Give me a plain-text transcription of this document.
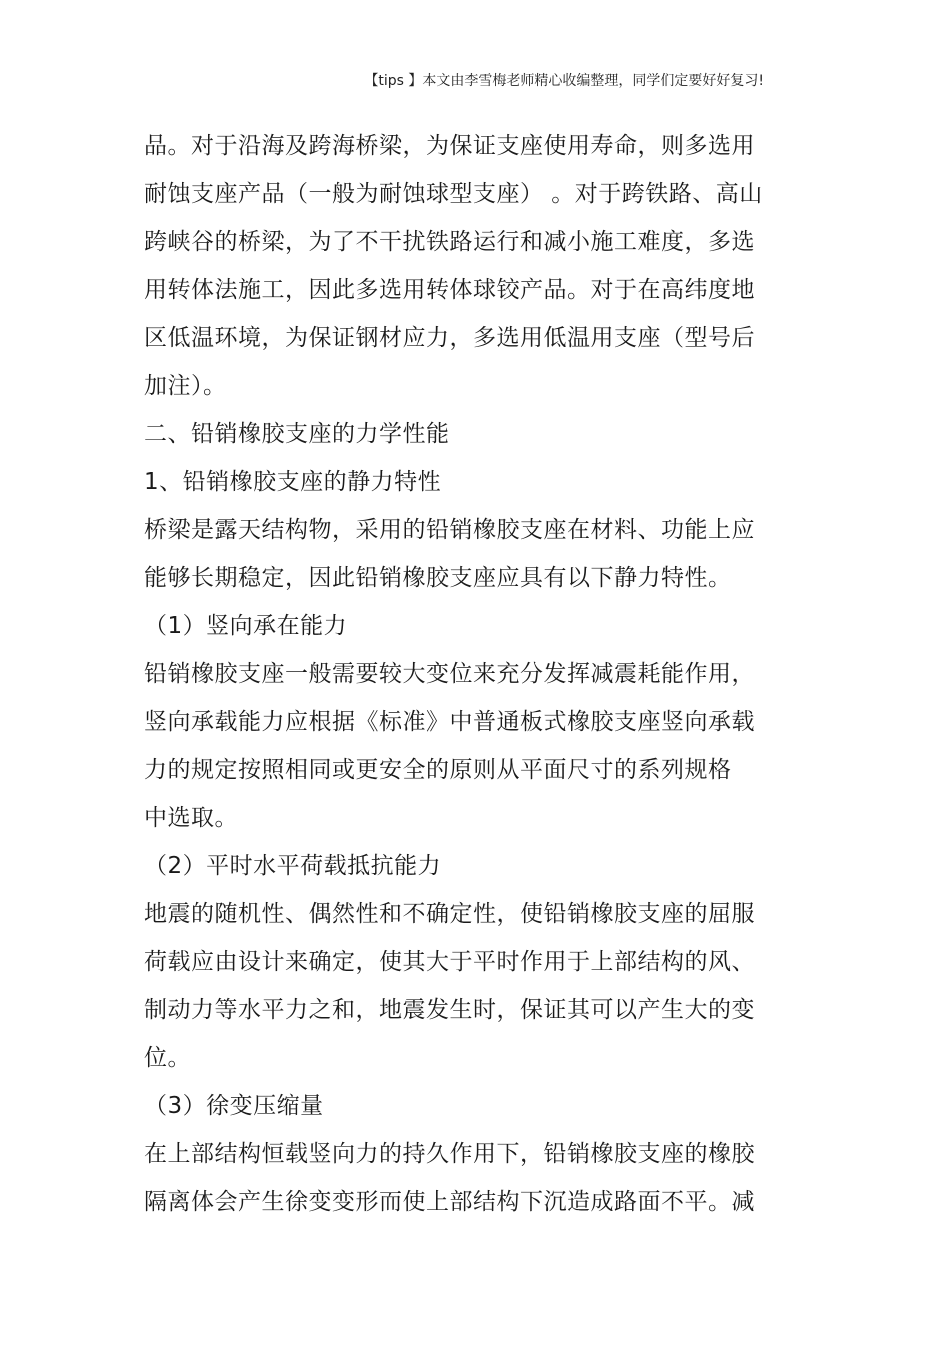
【tips 】本文由李雪梅老师精心收编整理，同学们定要好好复习!
品。对于沿海及跨海桥梁，为保证支座使用寿命，则多选用
耐蚀支座产品（一般为耐蚀球型支座） 。对于跨铁路、高山
跨峡谷的桥梁，为了不干扰铁路运行和减小施工难度，多选
用转体法施工，因此多选用转体球铰产品。对于在高纬度地
区低温环境，为保证钢材应力，多选用低温用支座（型号后
加注）。
二、铅销橡胶支座的力学性能
1、铅销橡胶支座的静力特性
桥梁是露天结构物，采用的铅销橡胶支座在材料、功能上应
能够长期稳定，因此铅销橡胶支座应具有以下静力特性。
（1）竖向承在能力
铅销橡胶支座一般需要较大变位来充分发挥减震耗能作用，
竖向承载能力应根据《标准》中普通板式橡胶支座竖向承载
力的规定按照相同或更安全的原则从平面尺寸的系列规格
中选取。
（2）平时水平荷载抵抗能力
地震的随机性、偶然性和不确定性，使铅销橡胶支座的屈服
荷载应由设计来确定，使其大于平时作用于上部结构的风、
制动力等水平力之和，地震发生时，保证其可以产生大的变
位。
（3）徐变压缩量
在上部结构恒载竖向力的持久作用下，铅销橡胶支座的橡胶
隔离体会产生徐变变形而使上部结构下沉造成路面不平。减
